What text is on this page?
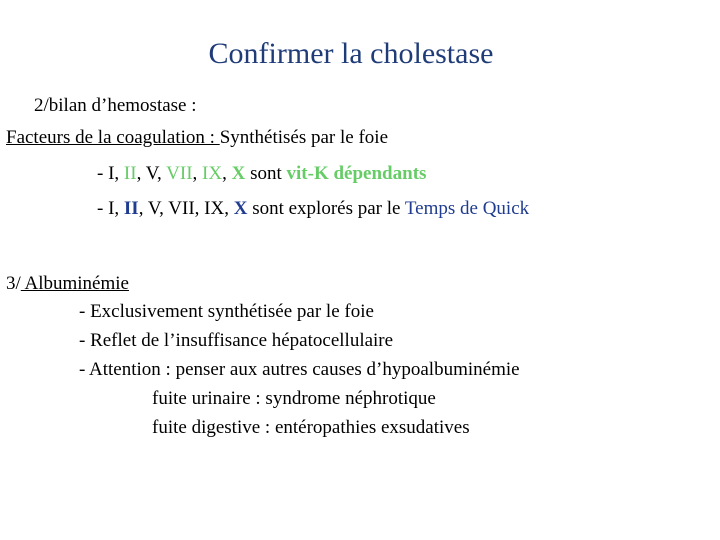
Confirmer la cholestase
2/bilan d’hemostase :
Facteurs de la coagulation : Synthétisés par le foie
- I, II, V, VII, IX, X sont vit-K dépendants
- I, II, V, VII, IX, X sont explorés par le Temps de Quick
3/ Albuminémie
- Exclusivement synthétisée par le foie
- Reflet de l’insuffisance hépatocellulaire
- Attention : penser aux autres causes d’hypoalbuminémie
fuite urinaire : syndrome néphrotique
fuite digestive : entéropathies exsudatives
